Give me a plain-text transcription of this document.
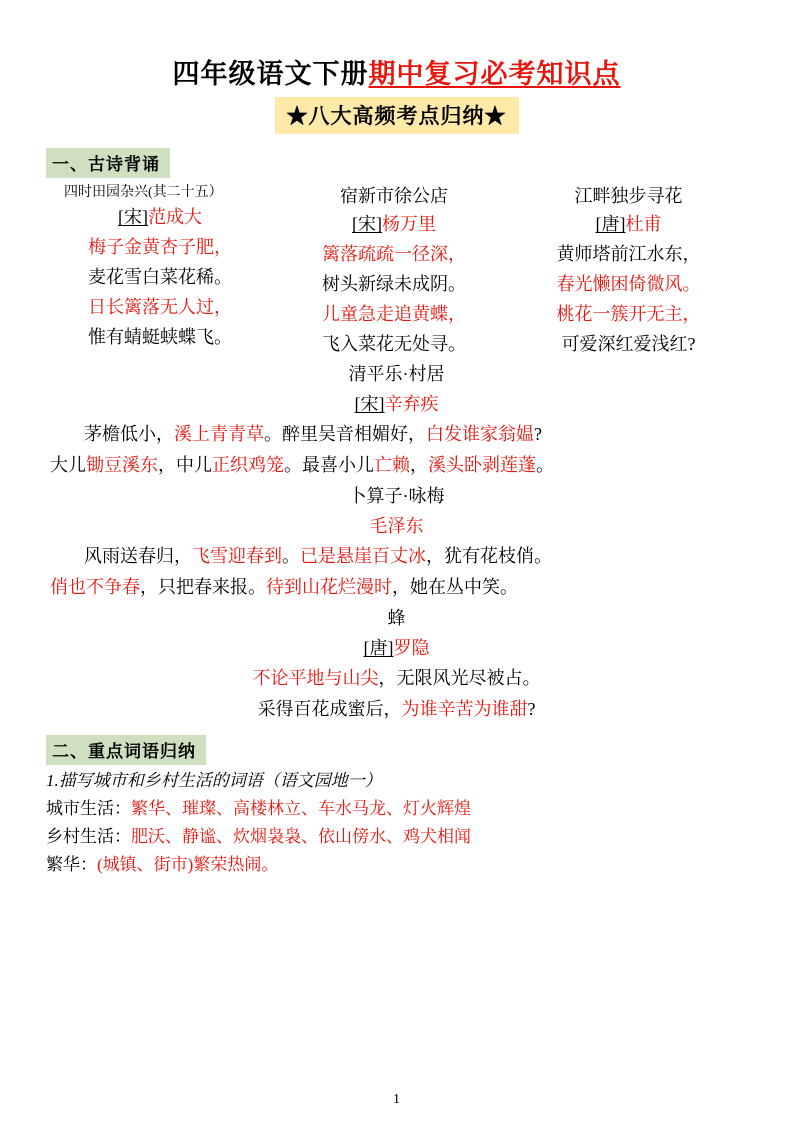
四年级语文下册期中复习必考知识点
★八大高频考点归纳★
一、古诗背诵
四时田园杂兴(其二十五）
[宋]范成大
梅子金黄杏子肥，
麦花雪白菜花稀。
日长篱落无人过，
惟有蜻蜓蛱蝶飞。
宿新市徐公店
[宋]杨万里
篱落疏疏一径深，
树头新绿未成阴。
儿童急走追黄蝶，
飞入菜花无处寻。
江畔独步寻花
[唐]杜甫
黄师塔前江水东，
春光懒困倚微风。
桃花一簇开无主，
可爱深红爱浅红?
清平乐·村居
[宋]辛弃疾
茅檐低小，溪上青青草。醉里吴音相媚好，白发谁家翁媪?
大儿锄豆溪东，中儿正织鸡笼。最喜小儿亡赖，溪头卧剥莲蓬。
卜算子·咏梅
毛泽东
风雨送春归，飞雪迎春到。已是悬崖百丈冰，犹有花枝俏。
俏也不争春，只把春来报。待到山花烂漫时，她在丛中笑。
蜂
[唐]罗隐
不论平地与山尖，无限风光尽被占。
采得百花成蜜后，为谁辛苦为谁甜?
二、重点词语归纳
1.描写城市和乡村生活的词语（语文园地一）
城市生活：繁华、璀璨、高楼林立、车水马龙、灯火辉煌
乡村生活：肥沃、静谧、炊烟袅袅、依山傍水、鸡犬相闻
繁华：(城镇、街市)繁荣热闹。
1
